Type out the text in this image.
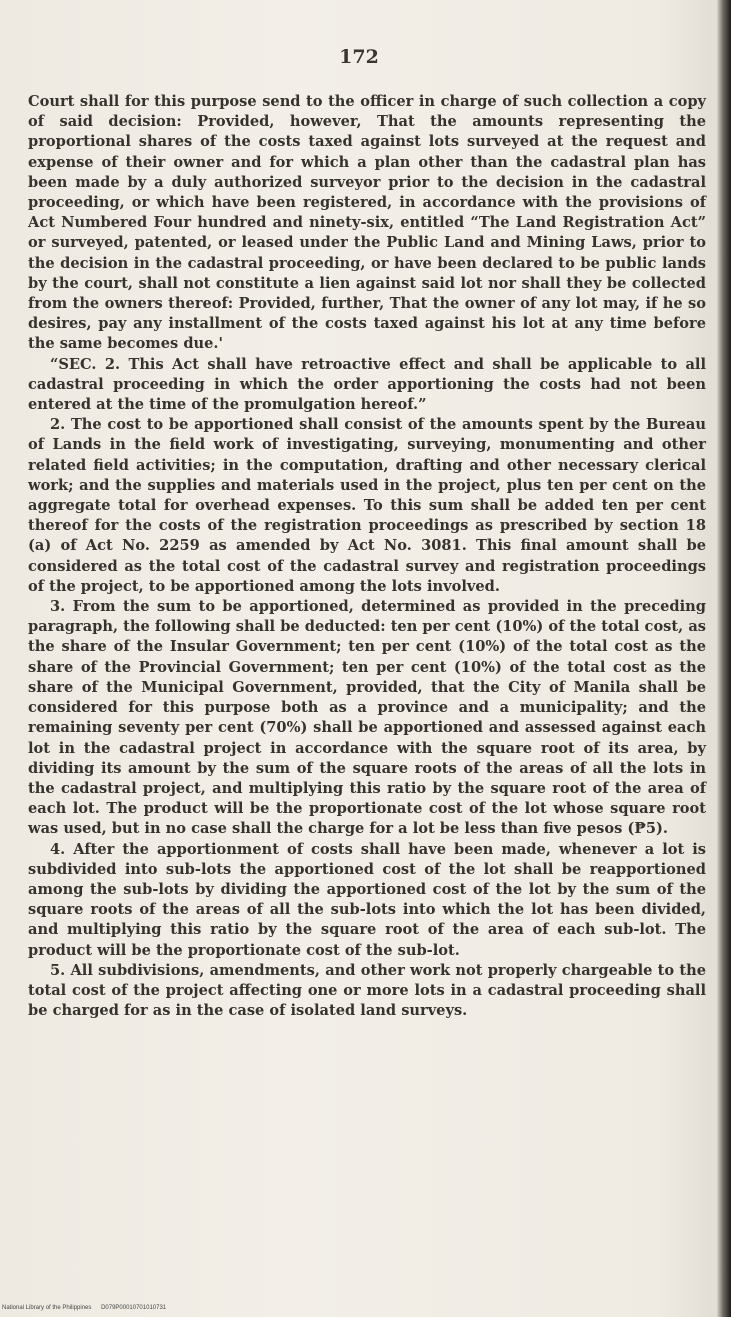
172

Court shall for this purpose send to the officer in charge of such collection a copy of said decision: Provided, however, That the amounts representing the proportional shares of the costs taxed against lots surveyed at the request and expense of their owner and for which a plan other than the cadastral plan has been made by a duly authorized surveyor prior to the decision in the cadastral proceeding, or which have been registered, in accordance with the provisions of Act Numbered Four hundred and ninety-six, entitled “The Land Registration Act” or surveyed, patented, or leased under the Public Land and Mining Laws, prior to the decision in the cadastral proceeding, or have been declared to be public lands by the court, shall not constitute a lien against said lot nor shall they be collected from the owners thereof: Provided, further, That the owner of any lot may, if he so desires, pay any installment of the costs taxed against his lot at any time before the same becomes due.'

“SEC. 2. This Act shall have retroactive effect and shall be applicable to all cadastral proceeding in which the order apportioning the costs had not been entered at the time of the promulgation hereof.”

2. The cost to be apportioned shall consist of the amounts spent by the Bureau of Lands in the field work of investigating, surveying, monumenting and other related field activities; in the computation, drafting and other necessary clerical work; and the supplies and materials used in the project, plus ten per cent on the aggregate total for overhead expenses. To this sum shall be added ten per cent thereof for the costs of the registration proceedings as prescribed by section 18 (a) of Act No. 2259 as amended by Act No. 3081. This final amount shall be considered as the total cost of the cadastral survey and registration proceedings of the project, to be apportioned among the lots involved.

3. From the sum to be apportioned, determined as provided in the preceding paragraph, the following shall be deducted: ten per cent (10%) of the total cost, as the share of the Insular Government; ten per cent (10%) of the total cost as the share of the Provincial Government; ten per cent (10%) of the total cost as the share of the Municipal Government, provided, that the City of Manila shall be considered for this purpose both as a province and a municipality; and the remaining seventy per cent (70%) shall be apportioned and assessed against each lot in the cadastral project in accordance with the square root of its area, by dividing its amount by the sum of the square roots of the areas of all the lots in the cadastral project, and multiplying this ratio by the square root of the area of each lot. The product will be the proportionate cost of the lot whose square root was used, but in no case shall the charge for a lot be less than five pesos (₱5).

4. After the apportionment of costs shall have been made, whenever a lot is subdivided into sub-lots the apportioned cost of the lot shall be reapportioned among the sub-lots by dividing the apportioned cost of the lot by the sum of the square roots of the areas of all the sub-lots into which the lot has been divided, and multiplying this ratio by the square root of the area of each sub-lot. The product will be the proportionate cost of the sub-lot.

5. All subdivisions, amendments, and other work not properly chargeable to the total cost of the project affecting one or more lots in a cadastral proceeding shall be charged for as in the case of isolated land surveys.

National Library of the Philippines D079P00010701010731
